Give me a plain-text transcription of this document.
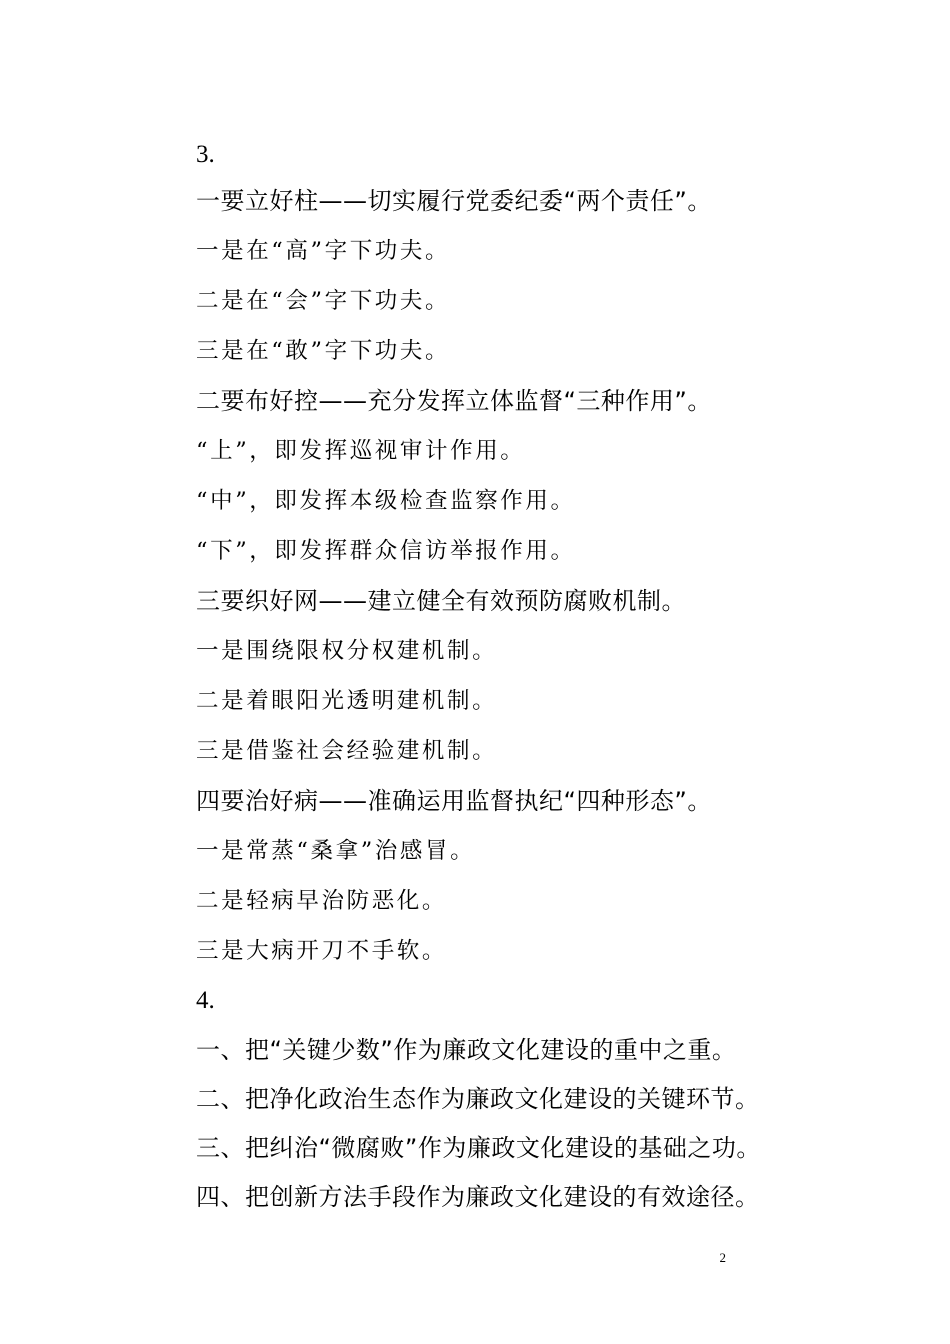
3.
一要立好柱——切实履行党委纪委“两个责任”。
一是在“高”字下功夫。
二是在“会”字下功夫。
三是在“敢”字下功夫。
二要布好控——充分发挥立体监督“三种作用”。
“上”，即发挥巡视审计作用。
“中”，即发挥本级检查监察作用。
“下”，即发挥群众信访举报作用。
三要织好网——建立健全有效预防腐败机制。
一是围绕限权分权建机制。
二是着眼阳光透明建机制。
三是借鉴社会经验建机制。
四要治好病——准确运用监督执纪“四种形态”。
一是常蒸“桑拿”治感冒。
二是轻病早治防恶化。
三是大病开刀不手软。
4.
一、把“关键少数”作为廉政文化建设的重中之重。
二、把净化政治生态作为廉政文化建设的关键环节。
三、把纠治“微腐败”作为廉政文化建设的基础之功。
四、把创新方法手段作为廉政文化建设的有效途径。
2
